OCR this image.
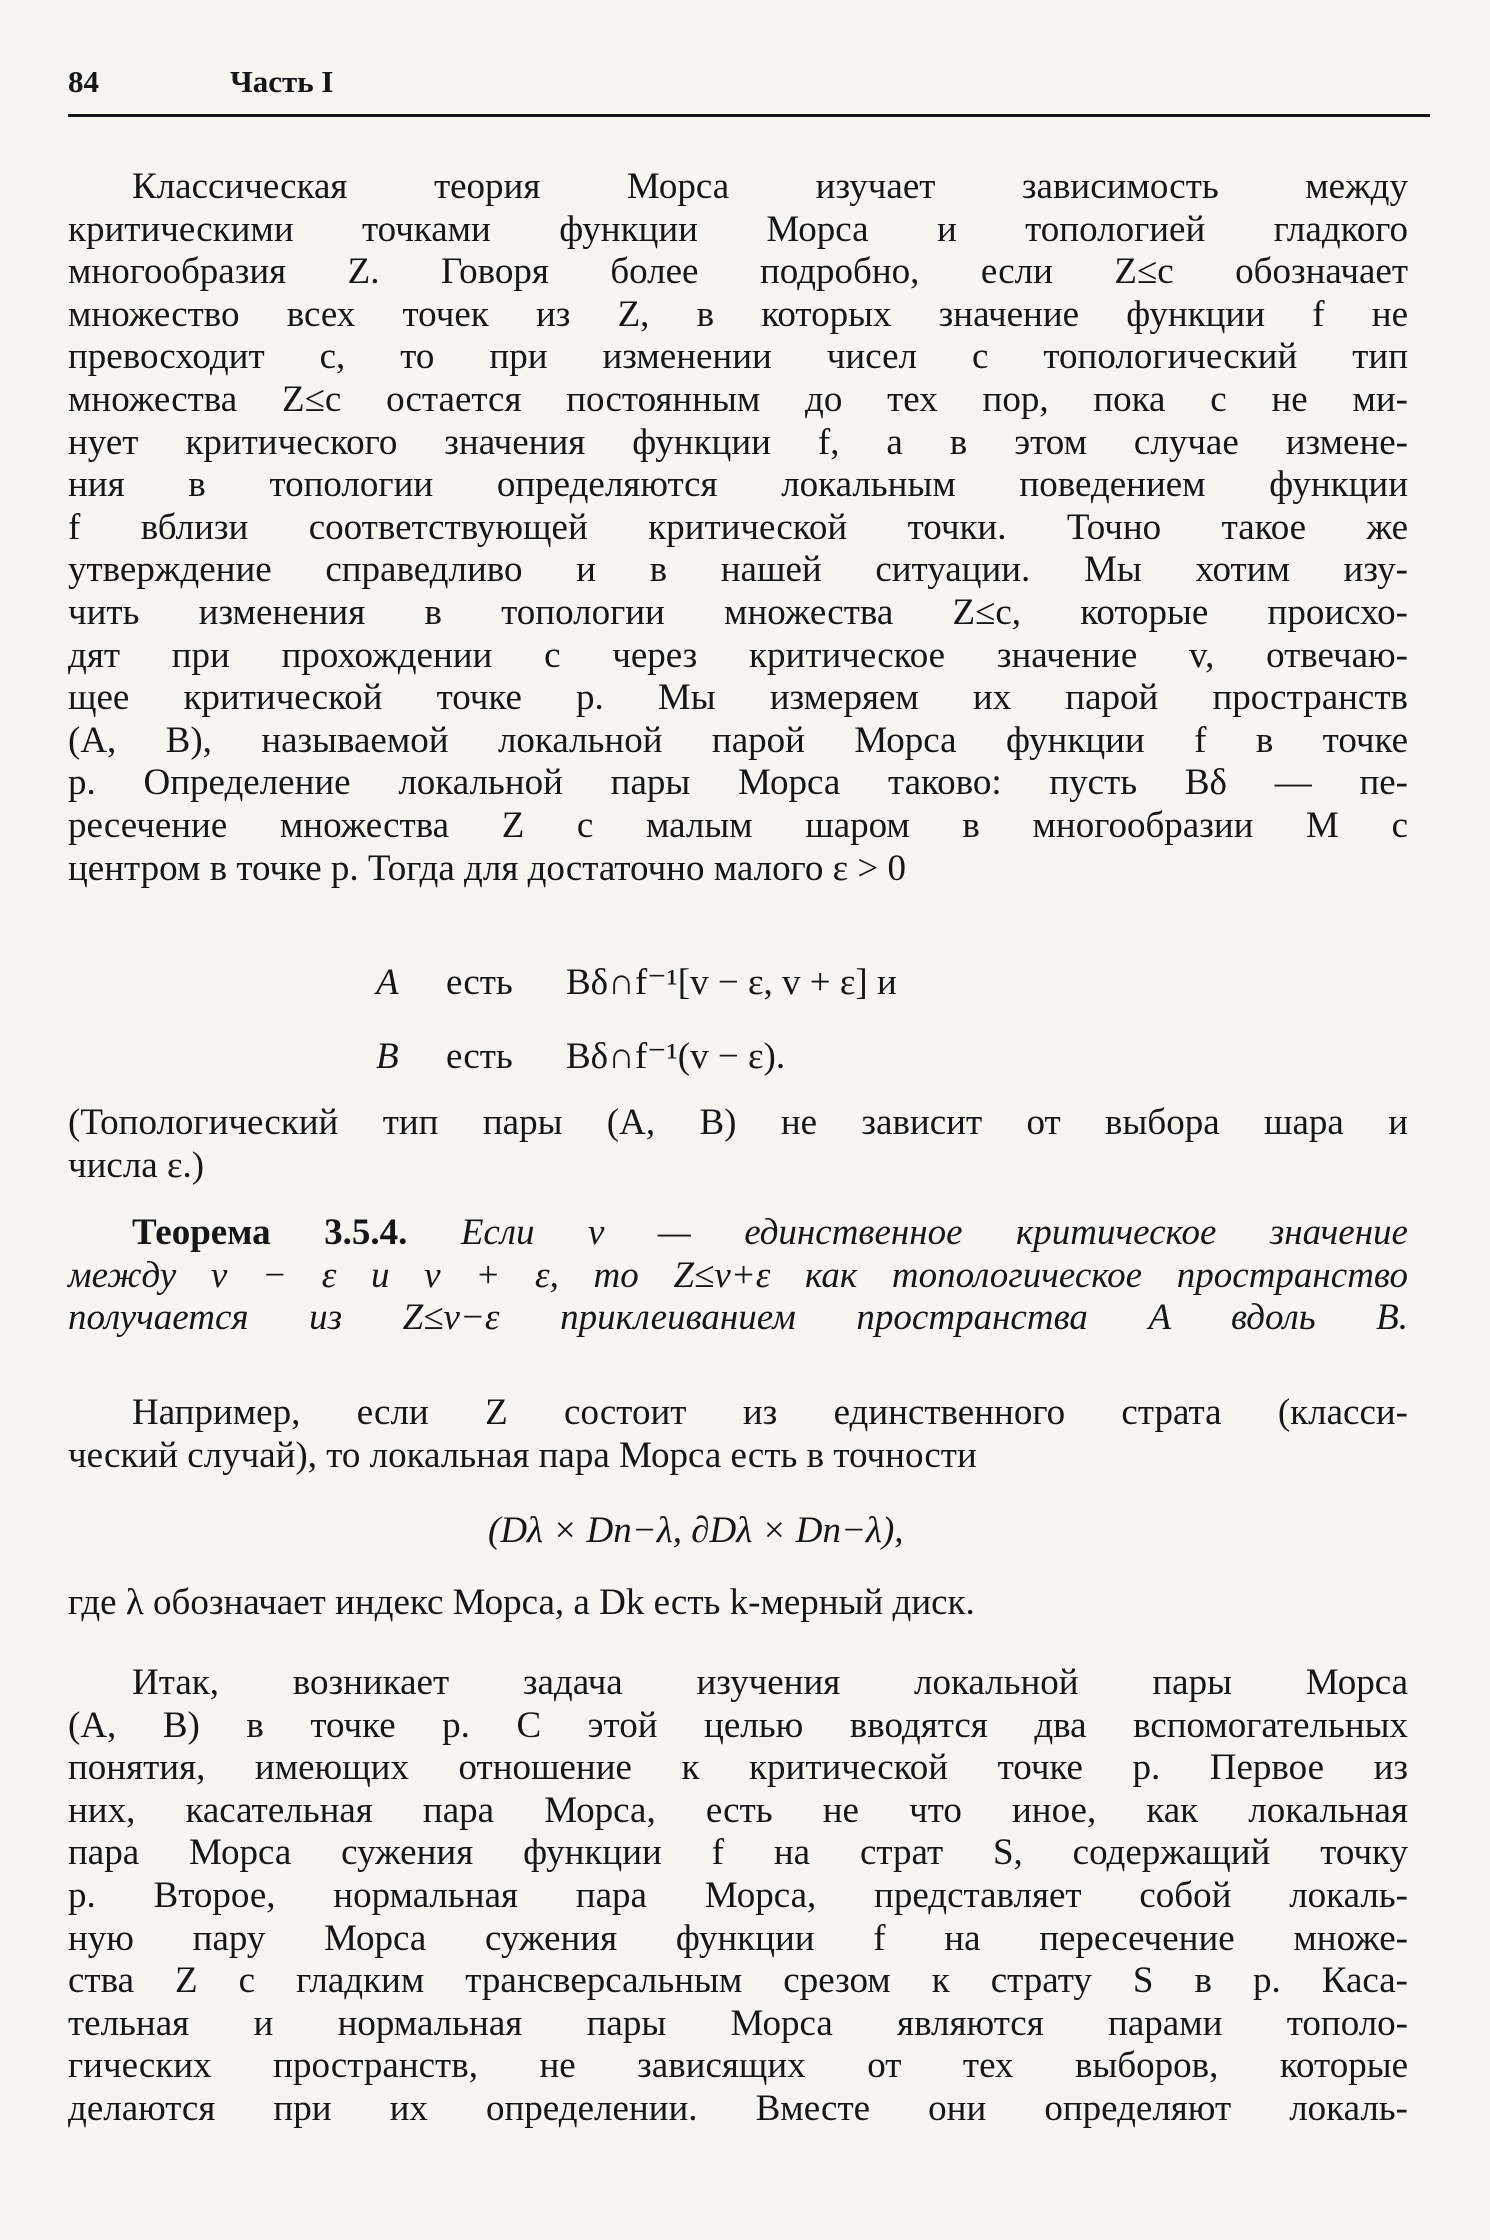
84	Часть I
Классическая теория Морса изучает зависимость между
критическими точками функции Морса и топологией гладкого
многообразия Z. Говоря более подробно, если Z≤c обозначает
множество всех точек из Z, в которых значение функции f не
превосходит c, то при изменении чисел c топологический тип
множества Z≤c остается постоянным до тех пор, пока c не ми-
нует критического значения функции f, а в этом случае измене-
ния в топологии определяются локальным поведением функции
f вблизи соответствующей критической точки. Точно такое же
утверждение справедливо и в нашей ситуации. Мы хотим изу-
чить изменения в топологии множества Z≤c, которые происхо-
дят при прохождении c через критическое значение v, отвечаю-
щее критической точке p. Мы измеряем их парой пространств
(A, B), называемой локальной парой Морса функции f в точке
p. Определение локальной пары Морса таково: пусть Bδ — пе-
ресечение множества Z с малым шаром в многообразии M с
центром в точке p. Тогда для достаточно малого ε > 0
A есть Bδ∩f⁻¹[v − ε, v + ε] и
B есть Bδ∩f⁻¹(v − ε).
(Топологический тип пары (A, B) не зависит от выбора шара и
числа ε.)
Теорема 3.5.4. Если v — единственное критическое значение
между v − ε и v + ε, то Z≤v+ε как топологическое пространство
получается из Z≤v−ε приклеиванием пространства A вдоль B.
Например, если Z состоит из единственного страта (класси-
ческий случай), то локальная пара Морса есть в точности
(Dλ × Dn−λ, ∂Dλ × Dn−λ),
где λ обозначает индекс Морса, а Dk есть k-мерный диск.
Итак, возникает задача изучения локальной пары Морса
(A, B) в точке p. С этой целью вводятся два вспомогательных
понятия, имеющих отношение к критической точке p. Первое из
них, касательная пара Морса, есть не что иное, как локальная
пара Морса сужения функции f на страт S, содержащий точку
p. Второе, нормальная пара Морса, представляет собой локаль-
ную пару Морса сужения функции f на пересечение множе-
ства Z с гладким трансверсальным срезом к страту S в p. Каса-
тельная и нормальная пары Морса являются парами тополо-
гических пространств, не зависящих от тех выборов, которые
делаются при их определении. Вместе они определяют локаль-
